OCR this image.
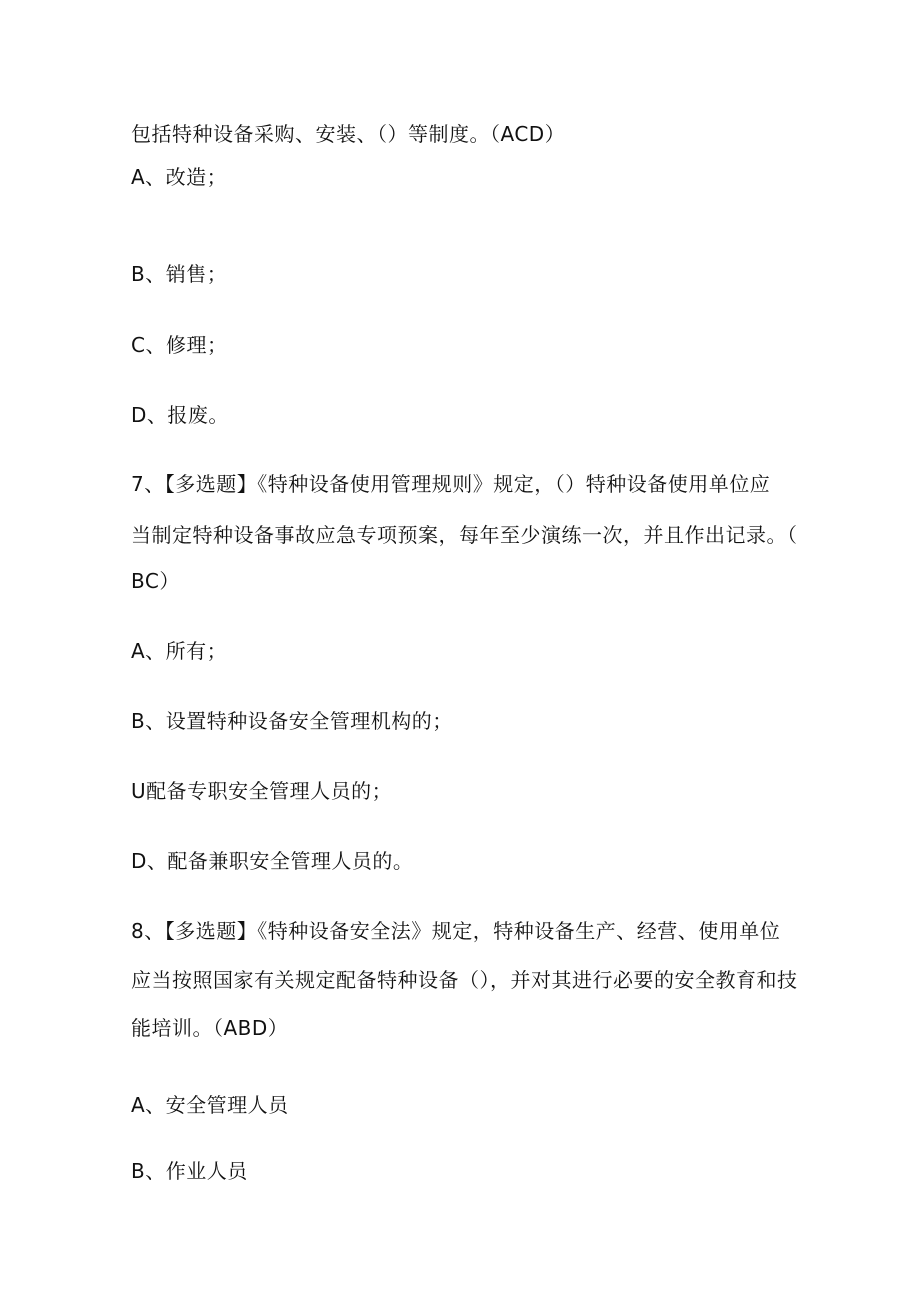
包括特种设备采购、安装、（）等制度。（ACD）
A、改造；
B、销售；
C、修理；
D、报废。
7、【多选题】《特种设备使用管理规则》规定，（）特种设备使用单位应
当制定特种设备事故应急专项预案，每年至少演练一次，并且作出记录。（
BC）
A、所有；
B、设置特种设备安全管理机构的；
U配备专职安全管理人员的；
D、配备兼职安全管理人员的。
8、【多选题】《特种设备安全法》规定，特种设备生产、经营、使用单位
应当按照国家有关规定配备特种设备（），并对其进行必要的安全教育和技
能培训。（ABD）
A、安全管理人员
B、作业人员
